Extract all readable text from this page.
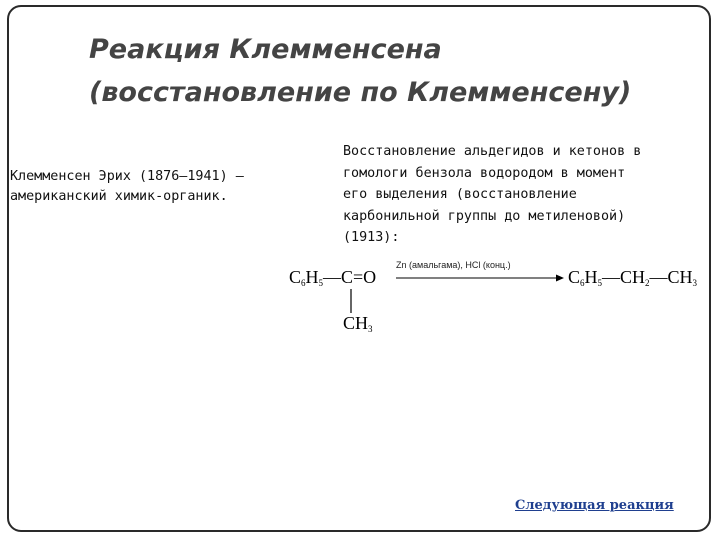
Реакция Клемменсена
(восстановление по Клемменсену)
Клемменсен Эрих (1876—1941) —
американский химик-органик.
Восстановление альдегидов и кетонов в
гомологи бензола водородом в момент
его выделения (восстановление
карбонильной группы до метиленовой)
(1913):
$C_6H_5—C=O$
$CH_3$
Zn (амальгама), HCl (конц.)
$C_6H_5—CH_2—CH_3$
Следующая реакция
